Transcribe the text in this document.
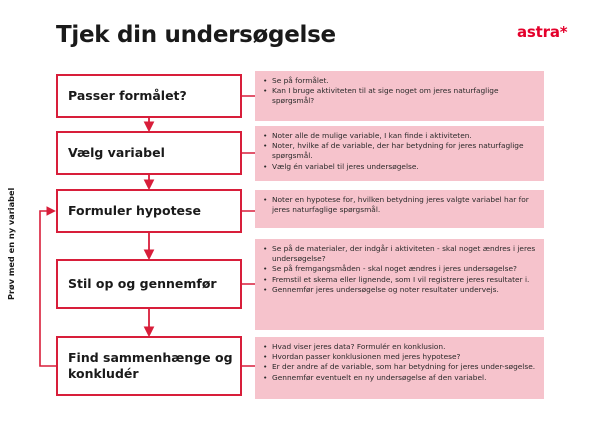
Tjek din undersøgelse	astra*
Passer formålet?
Vælg variabel
Formuler hypotese
Stil op og gennemfør
Find sammenhænge og konkludér
• Se på formålet.
• Kan I bruge aktiviteten til at sige noget om jeres naturfaglige spørgsmål?
• Noter alle de mulige variable, I kan finde i aktiviteten.
• Noter, hvilke af de variable, der har betydning for jeres naturfaglige spørgsmål.
• Vælg én variabel til jeres undersøgelse.
• Noter en hypotese for, hvilken betydning jeres valgte variabel har for jeres naturfaglige spørgsmål.
• Se på de materialer, der indgår i aktiviteten - skal noget ændres i jeres undersøgelse?
• Se på fremgangsmåden - skal noget ændres i jeres undersøgelse?
• Fremstil et skema eller lignende, som I vil registrere jeres resultater i.
• Gennemfør jeres undersøgelse og noter resultater undervejs.
• Hvad viser jeres data? Formulér en konklusion.
• Hvordan passer konklusionen med jeres hypotese?
• Er der andre af de variable, som har betydning for jeres under-søgelse.
• Gennemfør eventuelt en ny undersøgelse af den variabel.
Prøv med en ny variabel
